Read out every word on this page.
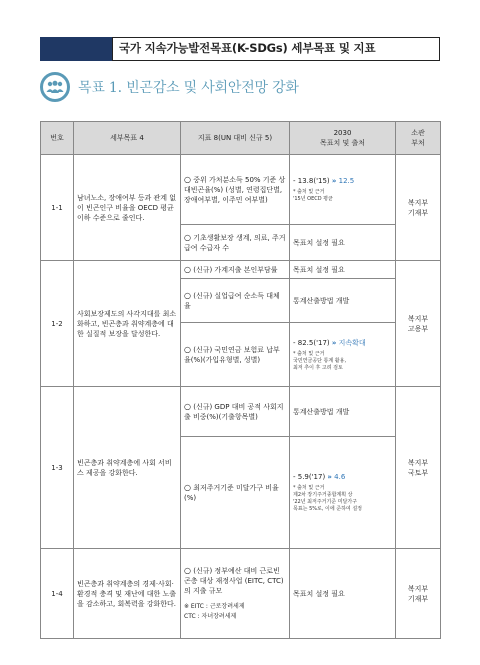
국가 지속가능발전목표(K-SDGs) 세부목표 및 지표
목표 1. 빈곤감소 및 사회안전망 강화
번호	세부목표 4	지표 8(UN 대비 신규 5)	2030
목표치 및 출처	소관
부처
1-1	남녀노소, 장애여부 등과 관계 없이 빈곤인구 비율을 OECD 평균 이하 수준으로 줄인다.	○ 중위 가처분소득 50% 기준 상대빈곤율(%) (성별, 연령집단별, 장애여부별, 이주민 여부별)	- 13.8('15) » 12.5
* 출처 및 근거
'15년 OECD 평균	복지부
기재부
		○ 기초생활보장 생계, 의료, 주거급여 수급자 수	목표치 설정 필요	
1-2	사회보장제도의 사각지대를 최소화하고, 빈곤층과 취약계층에 대한 실질적 보장을 달성한다.	○ (신규) 가계지출 본인부담률	목표치 설정 필요	복지부
고용부
		○ (신규) 실업급여 순소득 대체율	통계산출방법 개발	
		○ (신규) 국민연금 보험료 납부율(%)(가입유형별, 성별)	- 82.5('17) » 지속확대
* 출처 및 근거
국민연금공단 통계 활용,
최저 추이 후 고려 검토	

1-3	빈곤층과 취약계층에 사회 서비스 제공을 강화한다.	○ (신규) GDP 대비 공적 사회지출 비중(%)(기출항목별)	통계산출방법 개발	복지부
국토부
		○ 최저주거기준 미달가구 비율(%)	- 5.9('17) » 4.6
* 출처 및 근거
제2차 장기주거종합계획 상
'22년 최저주거기준 미달가구
목표는 5%로, 이에 준하여 설정	

1-4	빈곤층과 취약계층의 경제·사회·환경적 충격 및 재난에 대한 노출을 감소하고, 회복력을 강화한다.	○ (신규) 정부예산 대비 근로빈곤층 대상 재정사업 (EITC, CTC)의 지출 규모
※ EITC : 근로장려세제
CTC : 자녀장려세제	목표치 설정 필요	복지부
기재부
